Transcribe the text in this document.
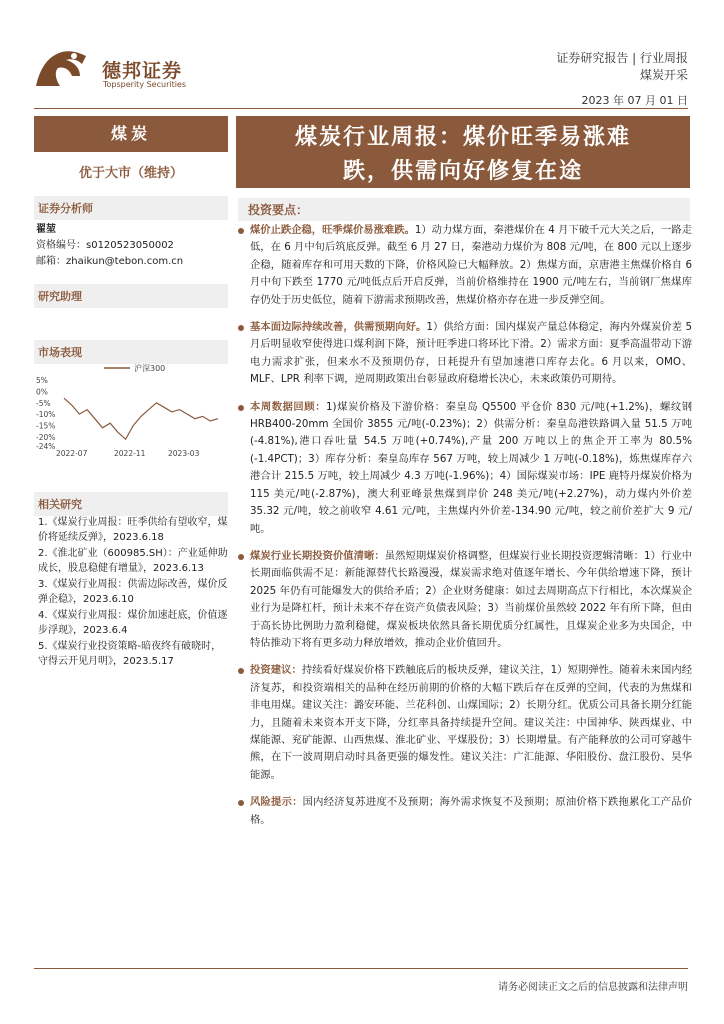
德邦证券
Topsperity Securities
证券研究报告 | 行业周报
煤炭开采
2023 年 07 月 01 日
煤炭
优于大市（维持）
证券分析师
翟堃
资格编号：s0120523050002
邮箱：zhaikun@tebon.com.cn
研究助理
市场表现
沪深300
5%
0%
-5%
-10%
-15%
-20%
-24%
2022-07	2022-11	2023-03
相关研究
1.《煤炭行业周报：旺季供给有望收窄，煤价将延续反弹》，2023.6.18
2.《淮北矿业（600985.SH）：产业延伸助成长，股息稳健有增量》，2023.6.13
3.《煤炭行业周报：供需边际改善，煤价反弹企稳》，2023.6.10
4.《煤炭行业周报：煤价加速赶底，价值逐步浮现》，2023.6.4
5.《煤炭行业投资策略-暗夜终有破晓时，守得云开见月明》，2023.5.17
煤炭行业周报：煤价旺季易涨难
跌，供需向好修复在途
投资要点：
煤价止跌企稳，旺季煤价易涨难跌。1）动力煤方面，秦港煤价在 4 月下破千元大关之后，一路走低，在 6 月中旬后筑底反弹。截至 6 月 27 日，秦港动力煤价为 808 元/吨，在 800 元以上逐步企稳，随着库存和可用天数的下降，价格风险已大幅释放。2）焦煤方面，京唐港主焦煤价格自 6 月中旬下跌至 1770 元/吨低点后开启反弹，当前价格维持在 1900 元/吨左右，当前钢厂焦煤库存仍处于历史低位，随着下游需求预期改善，焦煤价格亦存在进一步反弹空间。
基本面边际持续改善，供需预期向好。1）供给方面：国内煤炭产量总体稳定，海内外煤炭价差 5 月后明显收窄使得进口煤利润下降，预计旺季进口将环比下滑。2）需求方面：夏季高温带动下游电力需求扩张，但来水不及预期仍存，日耗提升有望加速港口库存去化。6 月以来，OMO、MLF、LPR 利率下调，逆周期政策出台彰显政府稳增长决心，未来政策仍可期待。
本周数据回顾：1)煤炭价格及下游价格：秦皇岛 Q5500 平仓价 830 元/吨(+1.2%)，螺纹钢 HRB400-20mm 全国价 3855 元/吨(-0.23%)；2）供需分析：秦皇岛港铁路调入量 51.5 万吨 (-4.81%),港口吞吐量 54.5 万吨(+0.74%),产量 200 万吨以上的焦企开工率为 80.5%(-1.4PCT)；3）库存分析：秦皇岛库存 567 万吨，较上周减少 1 万吨(-0.18%)，炼焦煤库存六港合计 215.5 万吨，较上周减少 4.3 万吨(-1.96%)；4）国际煤炭市场：IPE 鹿特丹煤炭价格为 115 美元/吨(-2.87%)，澳大利亚峰景焦煤到岸价 248 美元/吨(+2.27%)，动力煤内外价差 35.32 元/吨，较之前收窄 4.61 元/吨，主焦煤内外价差-134.90 元/吨，较之前价差扩大 9 元/吨。
煤炭行业长期投资价值清晰：虽然短期煤炭价格调整，但煤炭行业长期投资逻辑清晰：1）行业中长期面临供需不足：新能源替代长路漫漫，煤炭需求绝对值逐年增长、今年供给增速下降，预计 2025 年仍有可能爆发大的供给矛盾；2）企业财务健康：如过去周期高点下行相比，本次煤炭企业行为是降杠杆，预计未来不存在资产负债表风险；3）当前煤价虽然较 2022 年有所下降，但由于高长协比例助力盈利稳健，煤炭板块依然具备长期优质分红属性，且煤炭企业多为央国企，中特估推动下将有更多动力释放增效，推动企业价值回升。
投资建议：持续看好煤炭价格下跌触底后的板块反弹，建议关注，1）短期弹性。随着未来国内经济复苏，和投资端相关的品种在经历前期的价格的大幅下跌后存在反弹的空间，代表的为焦煤和非电用煤。建议关注：潞安环能、兰花科创、山煤国际；2）长期分红。优质公司具备长期分红能力，且随着未来资本开支下降，分红率具备持续提升空间。建议关注：中国神华、陕西煤业、中煤能源、兖矿能源、山西焦煤、淮北矿业、平煤股份；3）长期增量。有产能释放的公司可穿越牛熊，在下一波周期启动时具备更强的爆发性。建议关注：广汇能源、华阳股份、盘江股份、昊华能源。
风险提示：国内经济复苏进度不及预期；海外需求恢复不及预期；原油价格下跌拖累化工产品价格。
请务必阅读正文之后的信息披露和法律声明
